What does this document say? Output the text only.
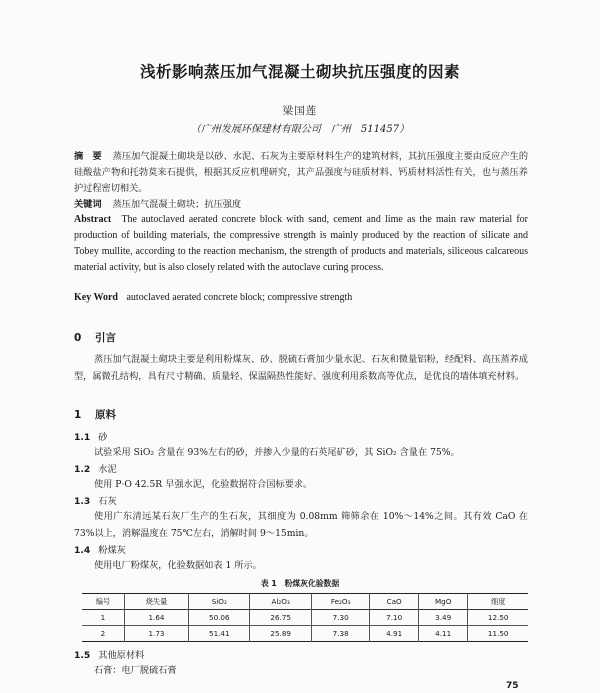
浅析影响蒸压加气混凝土砌块抗压强度的因素
梁国莲
（广州发展环保建材有限公司　广州　511457）
摘　要 蒸压加气混凝土砌块是以砂、水泥、石灰为主要原材料生产的建筑材料，其抗压强度主要由反应产生的硅酸盐产物和托勃莫来石提供，根据其反应机理研究，其产品强度与硅质材料、钙质材料活性有关，也与蒸压养护过程密切相关。
关键词 蒸压加气混凝土砌块；抗压强度
Abstract The autoclaved aerated concrete block with sand, cement and lime as the main raw material for production of building materials, the compressive strength is mainly produced by the reaction of silicate and Tobey mullite, according to the reaction mechanism, the strength of products and materials, siliceous calcareous material activity, but is also closely related with the autoclave curing process.
Key Word autoclaved aerated concrete block; compressive strength
0 引言
蒸压加气混凝土砌块主要是利用粉煤灰、砂、脱硫石膏加少量水泥、石灰和微量铝粉，经配料、高压蒸养成型，属微孔结构，具有尺寸精确、质量轻、保温隔热性能好、强度利用系数高等优点，是优良的墙体填充材料。
1 原料
1.1 砂
试验采用 SiO₂ 含量在 93%左右的砂，并掺入少量的石英尾矿砂，其 SiO₂ 含量在 75%。
1.2 水泥
使用 P·O 42.5R 早强水泥，化验数据符合国标要求。
1.3 石灰
使用广东清远某石灰厂生产的生石灰，其细度为 0.08mm 筛筛余在 10%～14%之间。其有效 CaO 在 73%以上，消解温度在 75℃左右，消解时间 9～15min。
1.4 粉煤灰
使用电厂粉煤灰，化验数据如表 1 所示。
表 1　粉煤灰化验数据
编号	烧失量	SiO₂	Al₂O₃	Fe₂O₃	CaO	MgO	细度
1	1.64	50.06	26.75	7.30	7.10	3.49	12.50
2	1.73	51.41	25.89	7.38	4.91	4.11	11.50
1.5 其他原材料
石膏：电厂脱硫石膏
75
